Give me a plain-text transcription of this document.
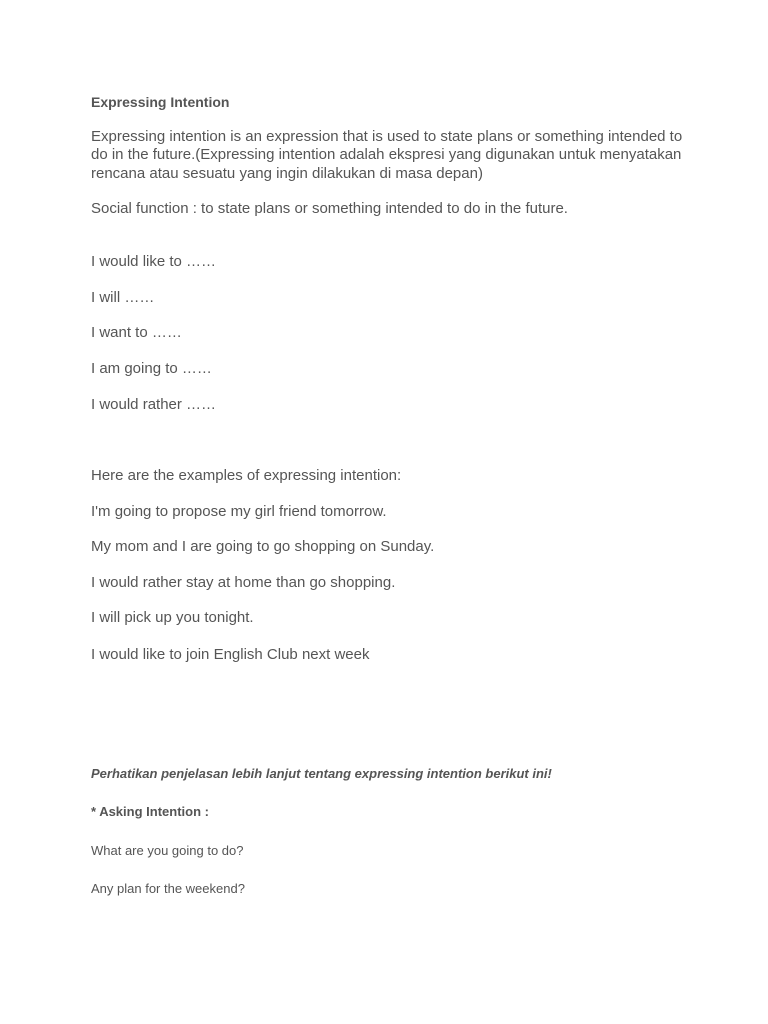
Expressing Intention

Expressing intention is an expression that is used to state plans or something intended to do in the future.(Expressing intention adalah ekspresi yang digunakan untuk menyatakan rencana atau sesuatu yang ingin dilakukan di masa depan)

Social function : to state plans or something intended to do in the future.

I would like to ……

I will ……

I want to ……

I am going to ……

I would rather ……

Here are the examples of expressing intention:

I'm going to propose my girl friend tomorrow.

My mom and I are going to go shopping on Sunday.

I would rather stay at home than go shopping.

I will pick up you tonight.

I would like to join English Club next week

Perhatikan penjelasan lebih lanjut tentang expressing intention berikut ini!

* Asking Intention :

What are you going to do?

Any plan for the weekend?
